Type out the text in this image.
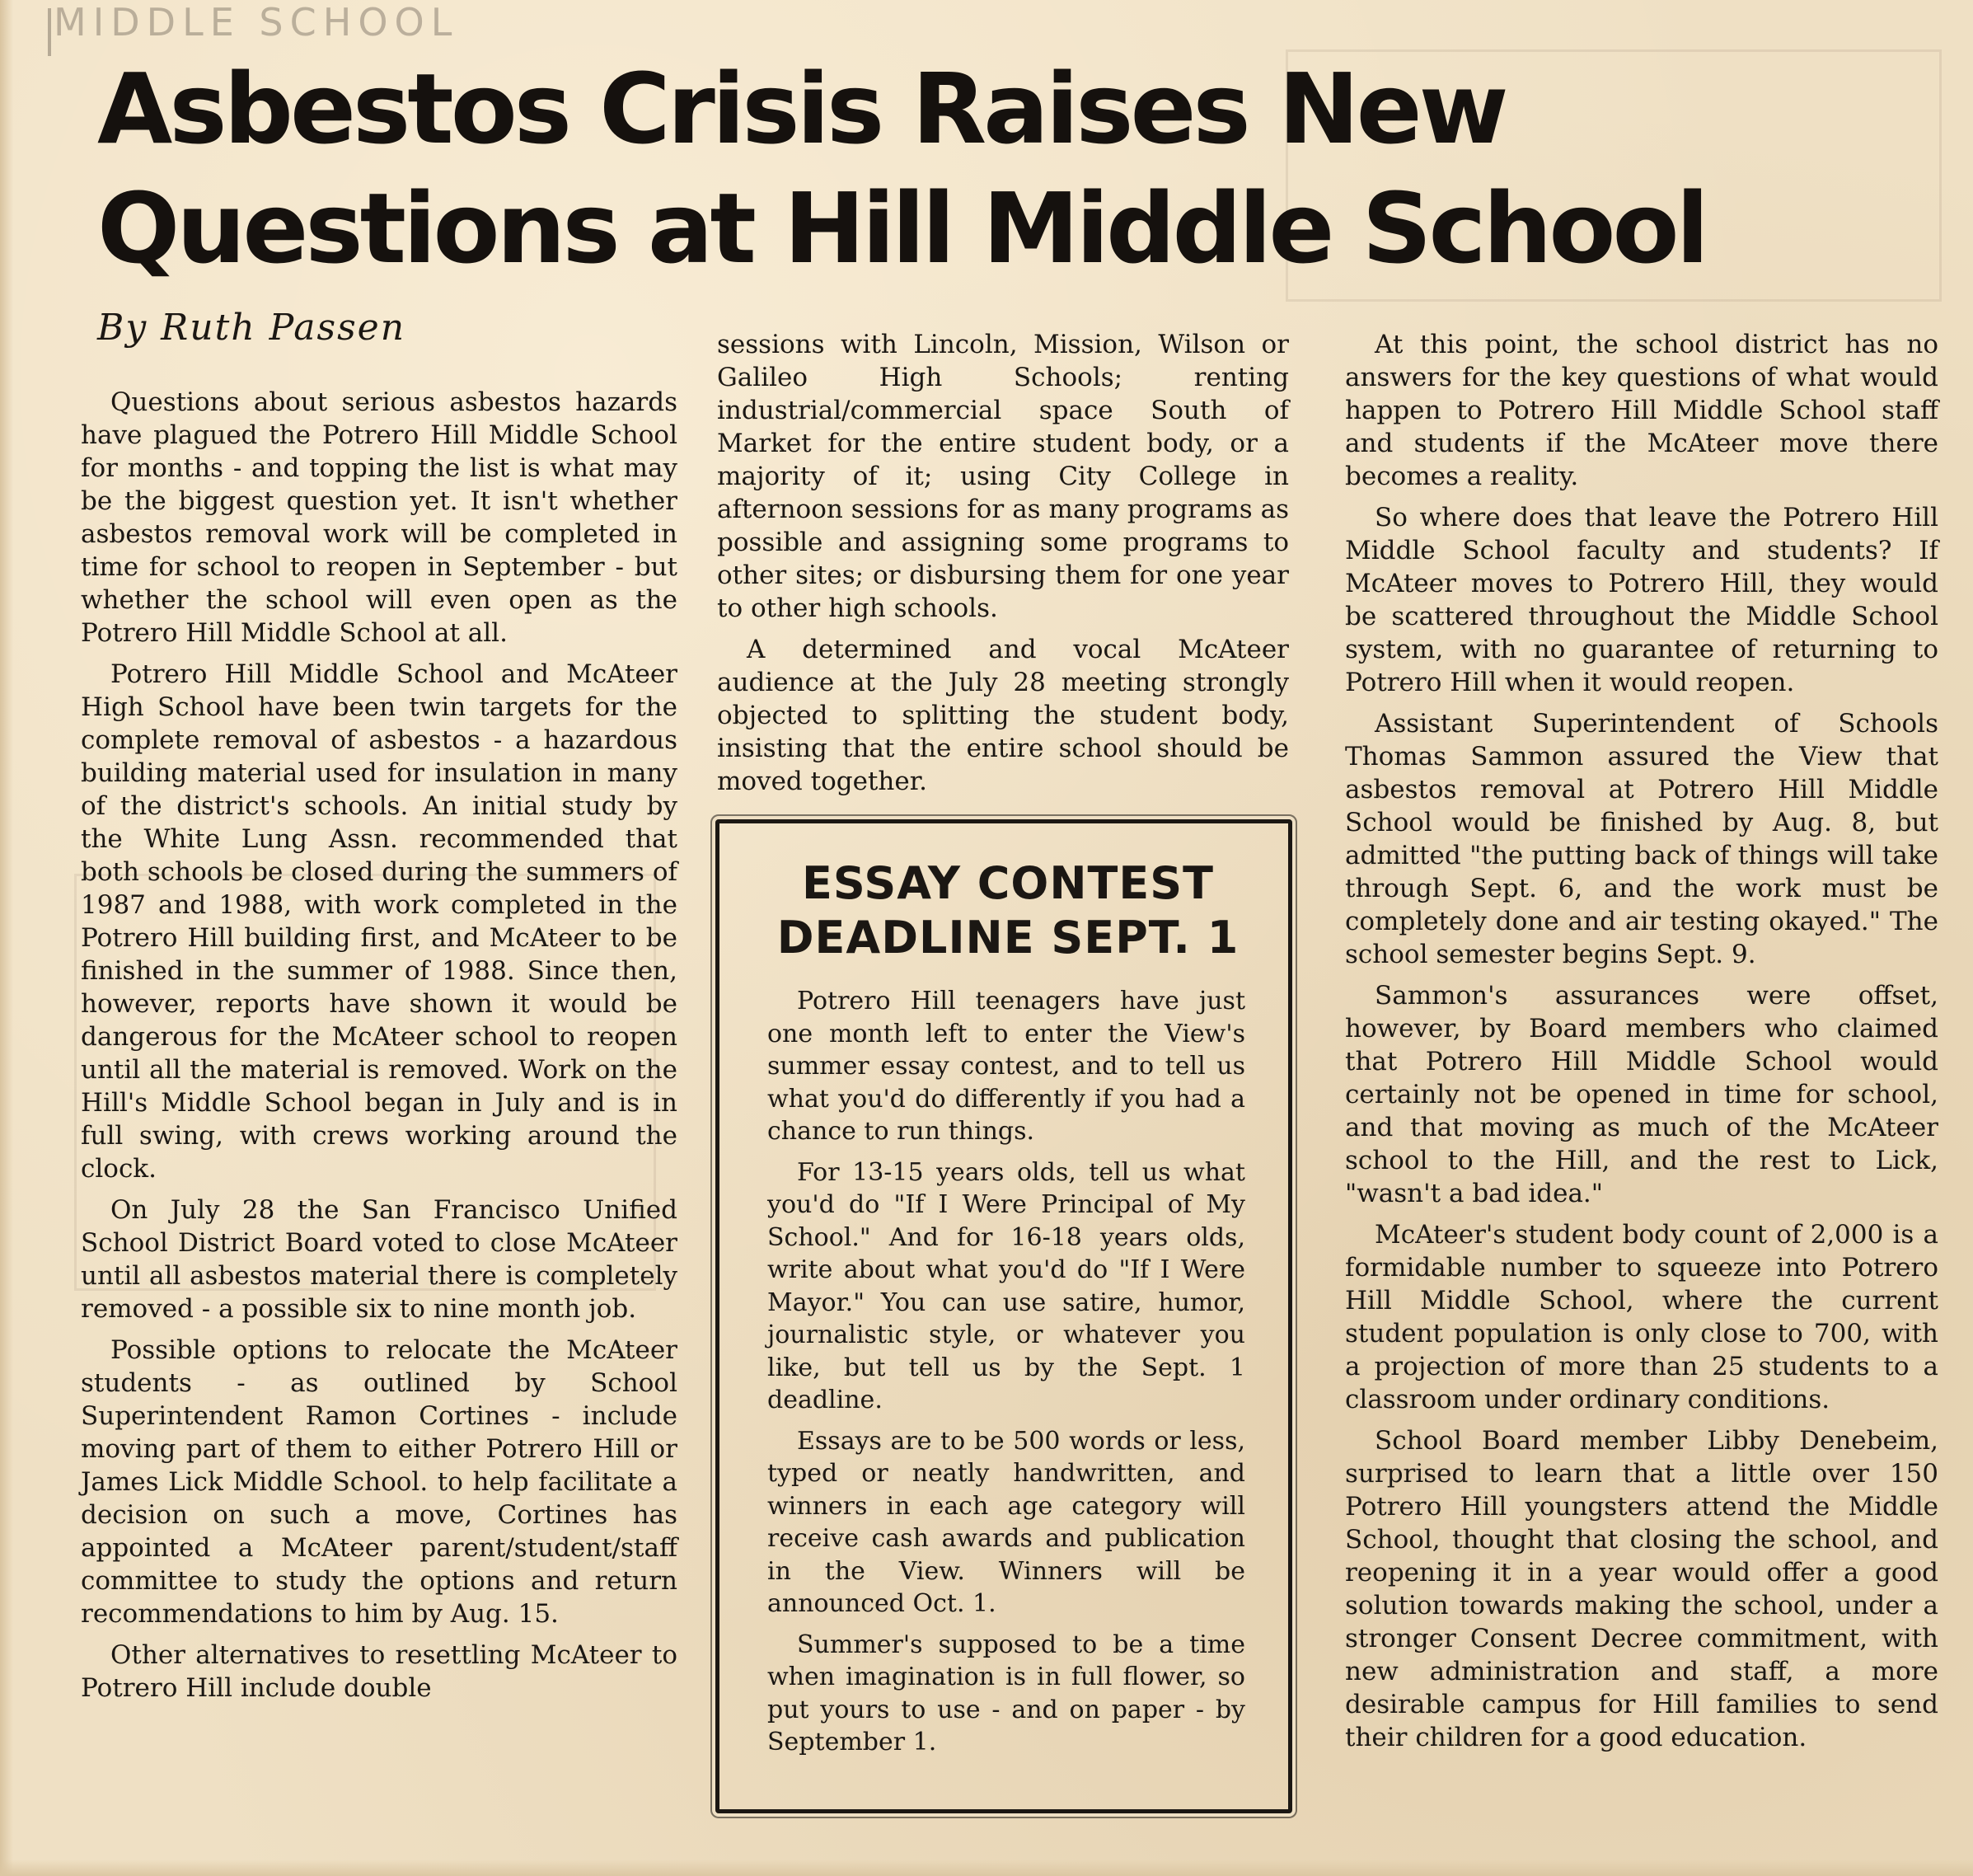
MIDDLE SCHOOL
Asbestos Crisis Raises New
Questions at Hill Middle School
By Ruth Passen

Questions about serious asbestos hazards have plagued the Potrero Hill Middle School for months - and topping the list is what may be the biggest question yet. It isn't whether asbestos removal work will be completed in time for school to reopen in September - but whether the school will even open as the Potrero Hill Middle School at all.

Potrero Hill Middle School and McAteer High School have been twin targets for the complete removal of asbestos - a hazardous building material used for insulation in many of the district's schools. An initial study by the White Lung Assn. recommended that both schools be closed during the summers of 1987 and 1988, with work completed in the Potrero Hill building first, and McAteer to be finished in the summer of 1988. Since then, however, reports have shown it would be dangerous for the McAteer school to reopen until all the material is removed. Work on the Hill's Middle School began in July and is in full swing, with crews working around the clock.

On July 28 the San Francisco Unified School District Board voted to close McAteer until all asbestos material there is completely removed - a possible six to nine month job.

Possible options to relocate the McAteer students - as outlined by School Superintendent Ramon Cortines - include moving part of them to either Potrero Hill or James Lick Middle School. to help facilitate a decision on such a move, Cortines has appointed a McAteer parent/student/staff committee to study the options and return recommendations to him by Aug. 15.

Other alternatives to resettling McAteer to Potrero Hill include double

sessions with Lincoln, Mission, Wilson or Galileo High Schools; renting industrial/commercial space South of Market for the entire student body, or a majority of it; using City College in afternoon sessions for as many programs as possible and assigning some programs to other sites; or disbursing them for one year to other high schools.

A determined and vocal McAteer audience at the July 28 meeting strongly objected to splitting the student body, insisting that the entire school should be moved together.

ESSAY CONTEST
DEADLINE SEPT. 1

Potrero Hill teenagers have just one month left to enter the View's summer essay contest, and to tell us what you'd do differently if you had a chance to run things.

For 13-15 years olds, tell us what you'd do "If I Were Principal of My School." And for 16-18 years olds, write about what you'd do "If I Were Mayor." You can use satire, humor, journalistic style, or whatever you like, but tell us by the Sept. 1 deadline.

Essays are to be 500 words or less, typed or neatly handwritten, and winners in each age category will receive cash awards and publication in the View. Winners will be announced Oct. 1.

Summer's supposed to be a time when imagination is in full flower, so put yours to use - and on paper - by September 1.

At this point, the school district has no answers for the key questions of what would happen to Potrero Hill Middle School staff and students if the McAteer move there becomes a reality.

So where does that leave the Potrero Hill Middle School faculty and students? If McAteer moves to Potrero Hill, they would be scattered throughout the Middle School system, with no guarantee of returning to Potrero Hill when it would reopen.

Assistant Superintendent of Schools Thomas Sammon assured the View that asbestos removal at Potrero Hill Middle School would be finished by Aug. 8, but admitted "the putting back of things will take through Sept. 6, and the work must be completely done and air testing okayed." The school semester begins Sept. 9.

Sammon's assurances were offset, however, by Board members who claimed that Potrero Hill Middle School would certainly not be opened in time for school, and that moving as much of the McAteer school to the Hill, and the rest to Lick, "wasn't a bad idea."

McAteer's student body count of 2,000 is a formidable number to squeeze into Potrero Hill Middle School, where the current student population is only close to 700, with a projection of more than 25 students to a classroom under ordinary conditions.

School Board member Libby Denebeim, surprised to learn that a little over 150 Potrero Hill youngsters attend the Middle School, thought that closing the school, and reopening it in a year would offer a good solution towards making the school, under a stronger Consent Decree commitment, with new administration and staff, a more desirable campus for Hill families to send their children for a good education.
